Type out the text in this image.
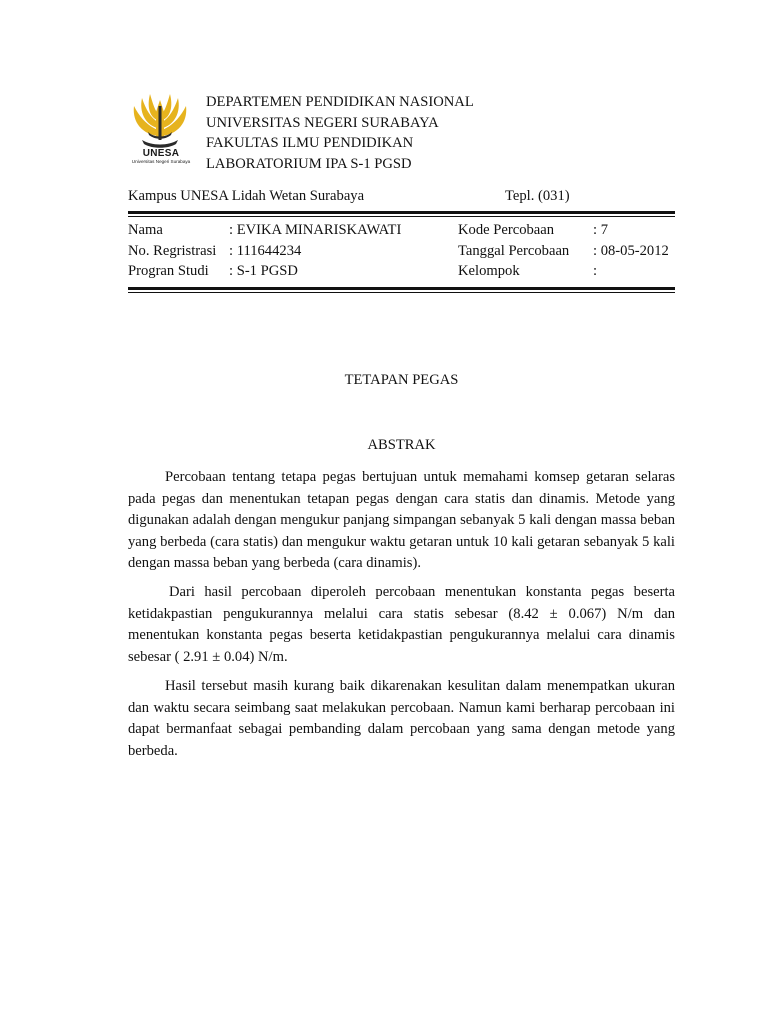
UNESA
Universitas Negeri Surabaya
DEPARTEMEN PENDIDIKAN NASIONAL
UNIVERSITAS NEGERI SURABAYA
FAKULTAS ILMU PENDIDIKAN
LABORATORIUM IPA S-1 PGSD
Kampus UNESA Lidah Wetan Surabaya	Tepl. (031)
Nama	: EVIKA MINARISKAWATI	Kode Percobaan	: 7
No. Regristrasi : 111644234	Tanggal Percobaan : 08-05-2012
Progran Studi : S-1 PGSD	Kelompok	:
TETAPAN PEGAS
ABSTRAK
Percobaan tentang tetapa pegas bertujuan untuk memahami komsep getaran selaras pada pegas dan menentukan tetapan pegas dengan cara statis dan dinamis. Metode yang digunakan adalah dengan mengukur panjang simpangan sebanyak 5 kali dengan massa beban yang berbeda (cara statis) dan mengukur waktu getaran untuk 10 kali getaran sebanyak 5 kali dengan massa beban yang berbeda (cara dinamis).
Dari hasil percobaan diperoleh percobaan menentukan konstanta pegas beserta ketidakpastian pengukurannya melalui cara statis sebesar (8.42 ± 0.067) N/m dan menentukan konstanta pegas beserta ketidakpastian pengukurannya melalui cara dinamis sebesar ( 2.91 ± 0.04) N/m.
Hasil tersebut masih kurang baik dikarenakan kesulitan dalam menempatkan ukuran dan waktu secara seimbang saat melakukan percobaan. Namun kami berharap percobaan ini dapat bermanfaat sebagai pembanding dalam percobaan yang sama dengan metode yang berbeda.
